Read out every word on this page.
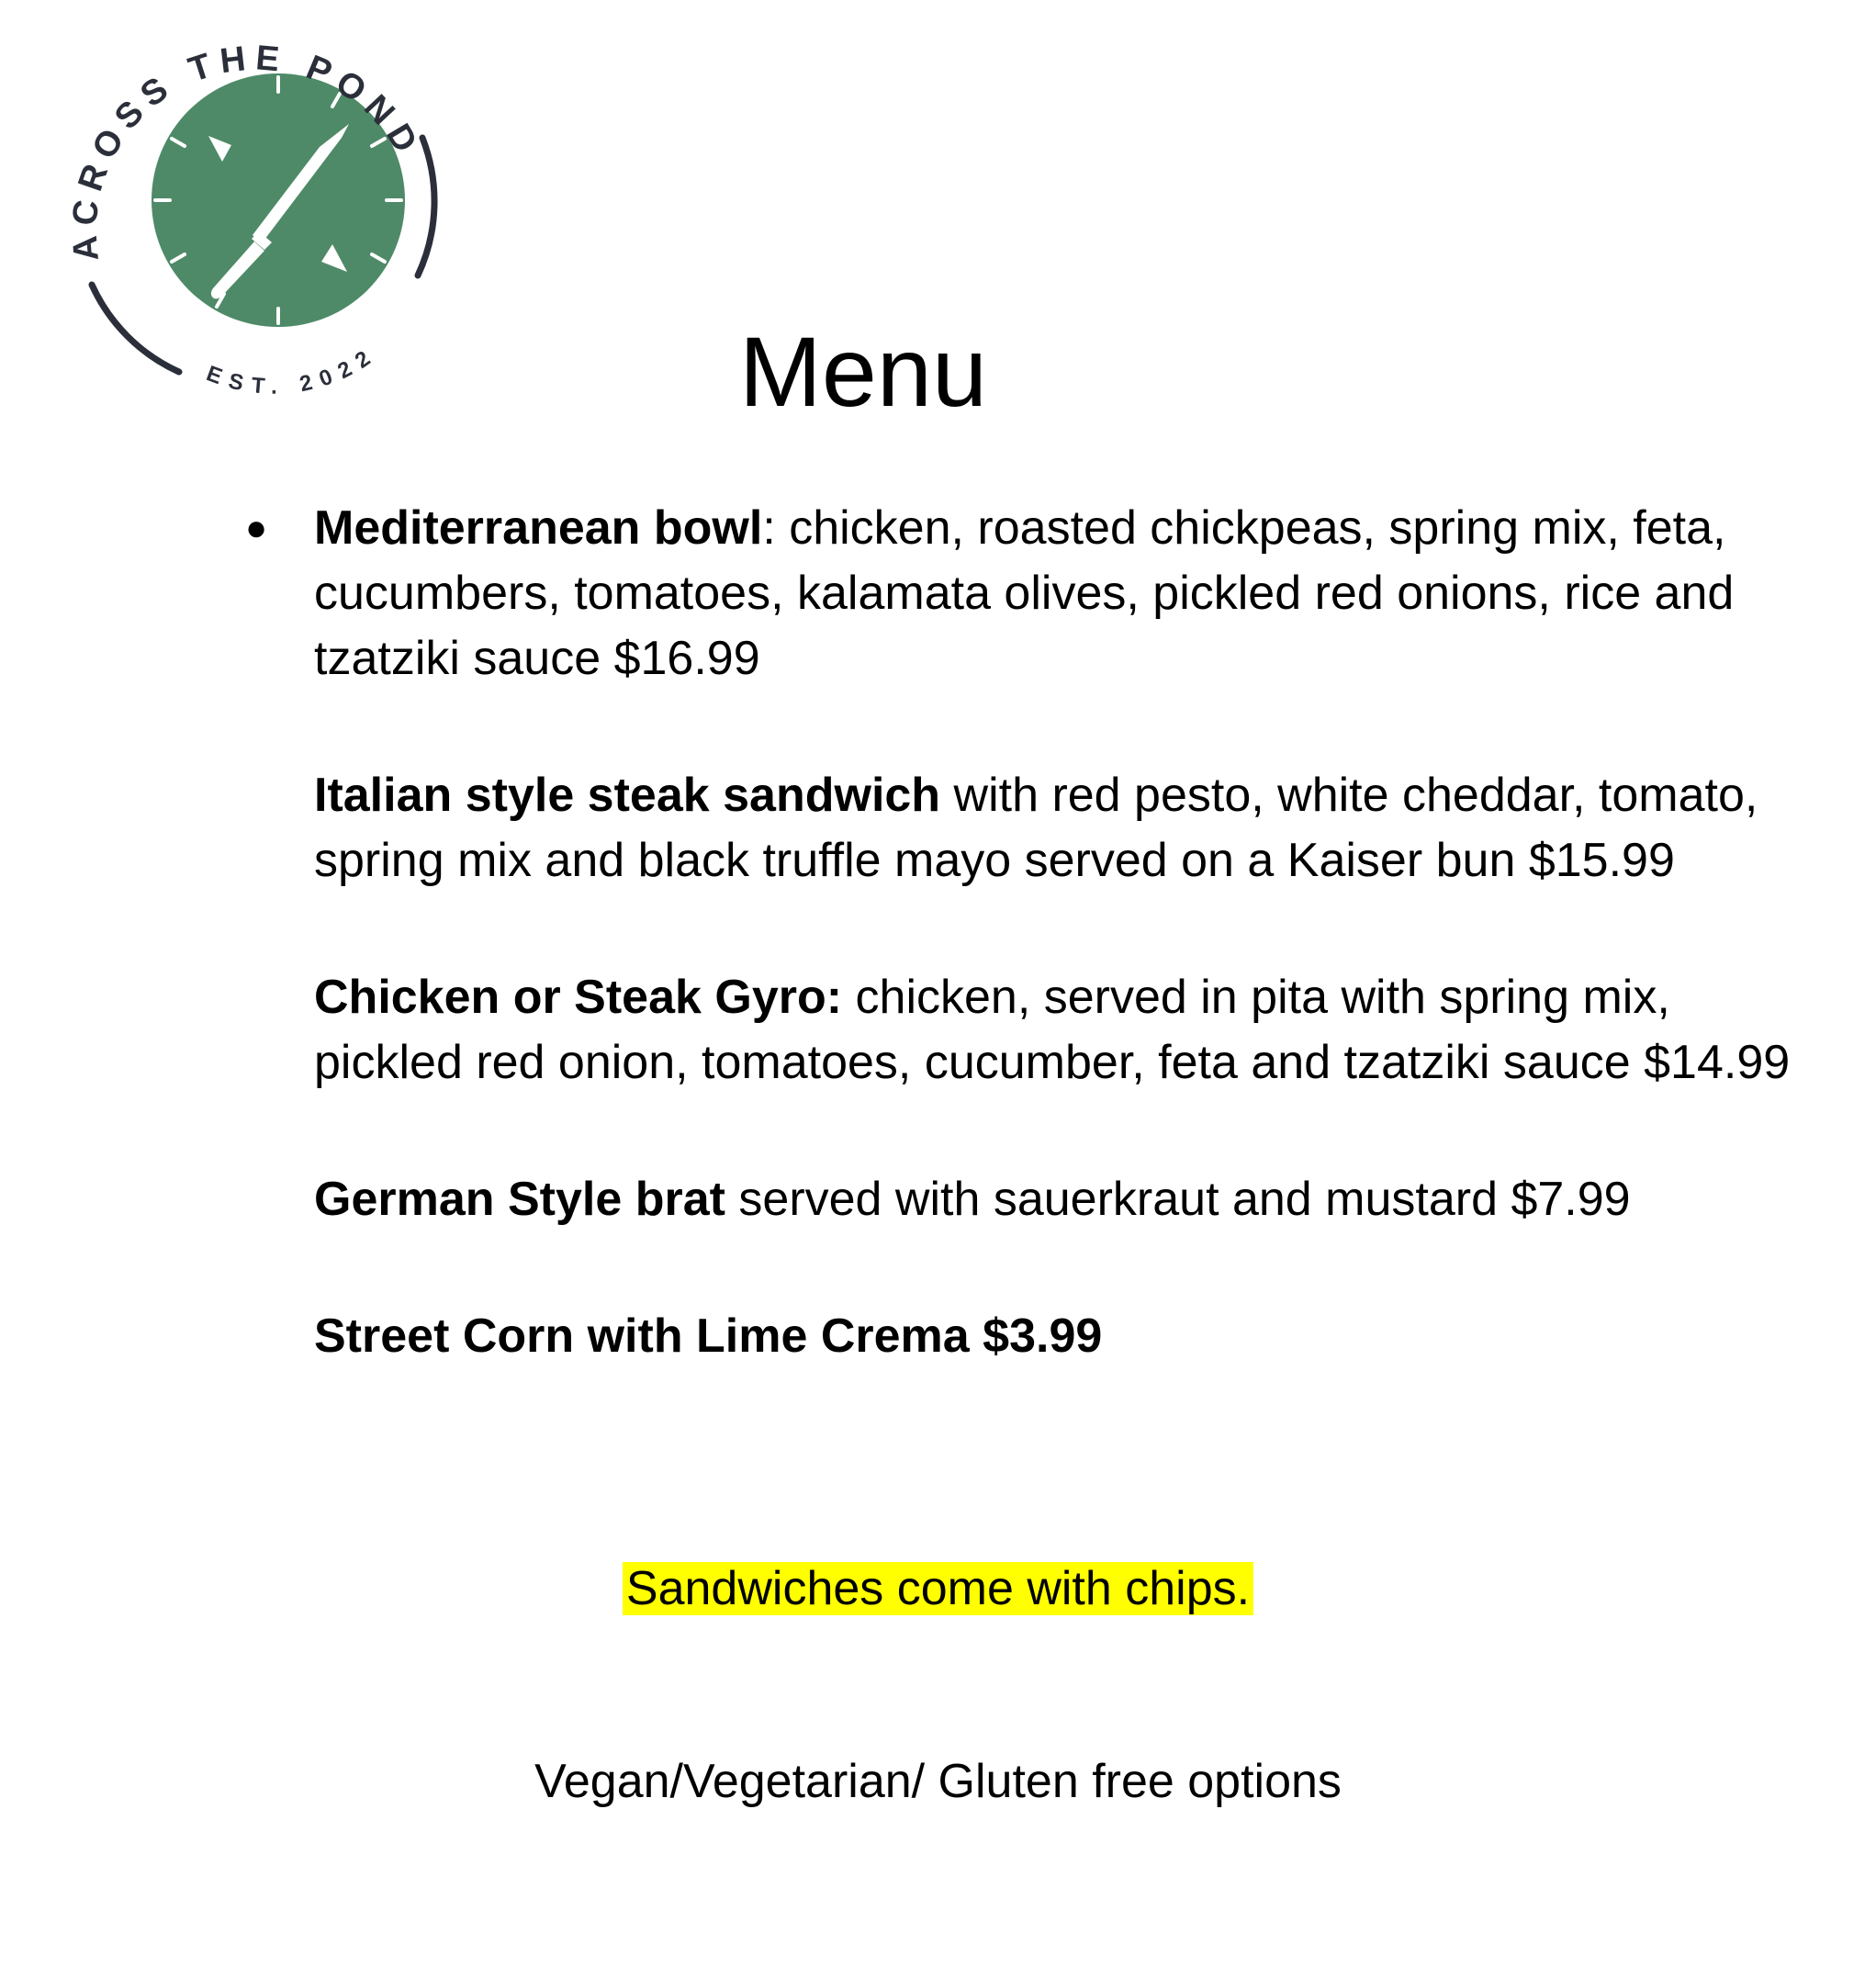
ACROSS THE POND
EST. 2022	Menu
● Mediterranean bowl: chicken, roasted chickpeas, spring mix, feta, cucumbers, tomatoes, kalamata olives, pickled red onions, rice and tzatziki sauce $16.99
Italian style steak sandwich with red pesto, white cheddar, tomato, spring mix and black truffle mayo served on a Kaiser bun $15.99
Chicken or Steak Gyro: chicken, served in pita with spring mix, pickled red onion, tomatoes, cucumber, feta and tzatziki sauce $14.99
German Style brat served with sauerkraut and mustard $7.99
Street Corn with Lime Crema $3.99
Sandwiches come with chips.
Vegan/Vegetarian/ Gluten free options
